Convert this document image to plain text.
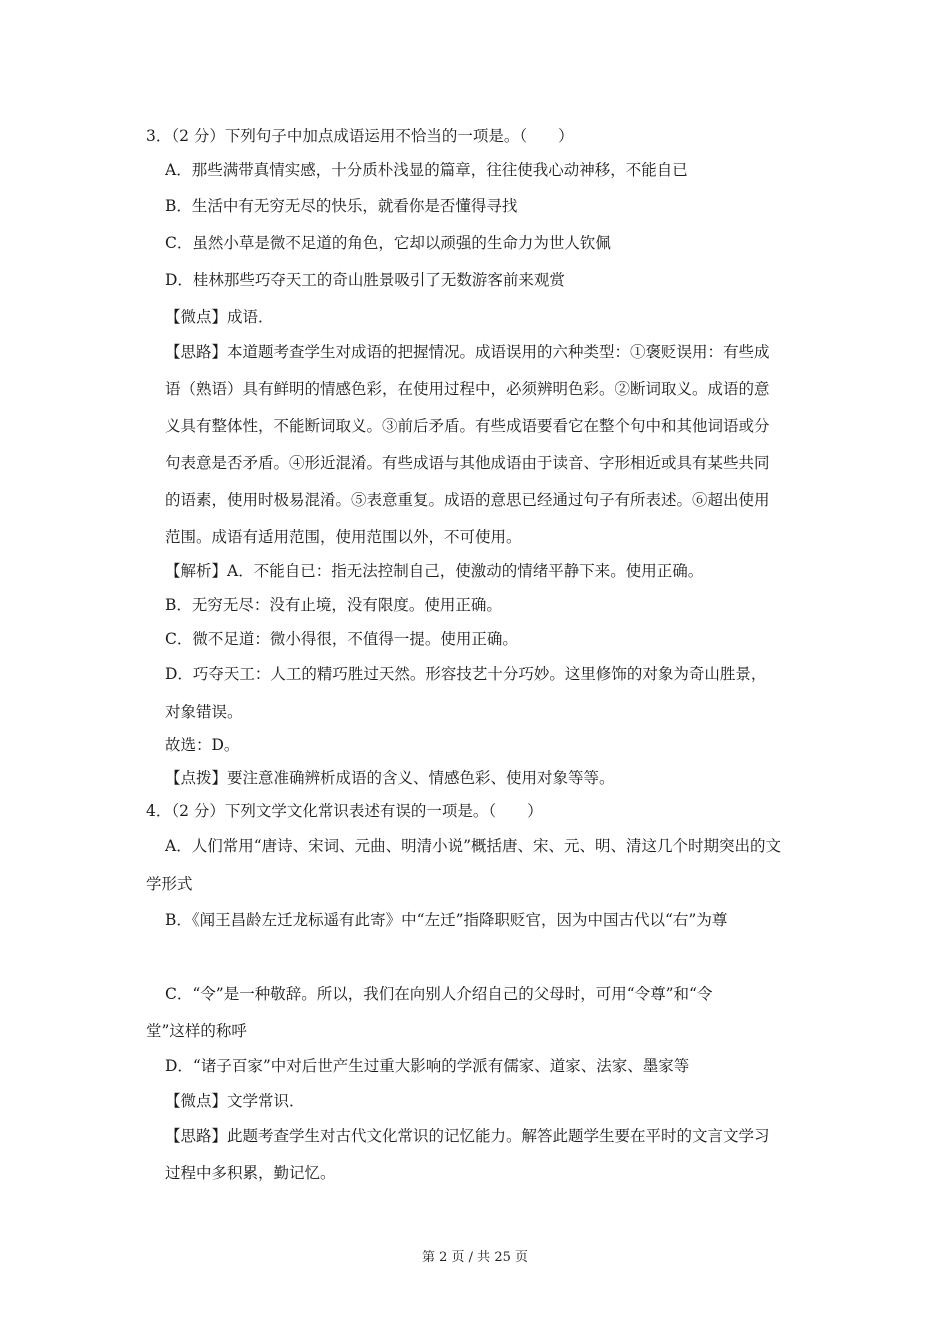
3．（2 分）下列句子中加点成语运用不恰当的一项是。（　　）
A．那些满带真情实感，十分质朴浅显的篇章，往往使我心动神移，不能自已
B．生活中有无穷无尽的快乐，就看你是否懂得寻找
C．虽然小草是微不足道的角色，它却以顽强的生命力为世人钦佩
D．桂林那些巧夺天工的奇山胜景吸引了无数游客前来观赏
【微点】成语．
【思路】本道题考查学生对成语的把握情况。成语误用的六种类型：①褒贬误用：有些成
语（熟语）具有鲜明的情感色彩，在使用过程中，必须辨明色彩。②断词取义。成语的意
义具有整体性，不能断词取义。③前后矛盾。有些成语要看它在整个句中和其他词语或分
句表意是否矛盾。④形近混淆。有些成语与其他成语由于读音、字形相近或具有某些共同
的语素，使用时极易混淆。⑤表意重复。成语的意思已经通过句子有所表述。⑥超出使用
范围。成语有适用范围，使用范围以外，不可使用。
【解析】A．不能自已：指无法控制自己，使激动的情绪平静下来。使用正确。
B．无穷无尽：没有止境，没有限度。使用正确。
C．微不足道：微小得很，不值得一提。使用正确。
D．巧夺天工：人工的精巧胜过天然。形容技艺十分巧妙。这里修饰的对象为奇山胜景，
对象错误。
故选：D。
【点拨】要注意准确辨析成语的含义、情感色彩、使用对象等等。
4．（2 分）下列文学文化常识表述有误的一项是。（　　）
A．人们常用“唐诗、宋词、元曲、明清小说”概括唐、宋、元、明、清这几个时期突出的文
学形式
B．《闻王昌龄左迁龙标遥有此寄》中“左迁”指降职贬官，因为中国古代以“右”为尊
C．“令”是一种敬辞。所以，我们在向别人介绍自己的父母时，可用“令尊”和“令
堂”这样的称呼
D．“诸子百家”中对后世产生过重大影响的学派有儒家、道家、法家、墨家等
【微点】文学常识．
【思路】此题考查学生对古代文化常识的记忆能力。解答此题学生要在平时的文言文学习
过程中多积累，勤记忆。
第 2 页 / 共 25 页
